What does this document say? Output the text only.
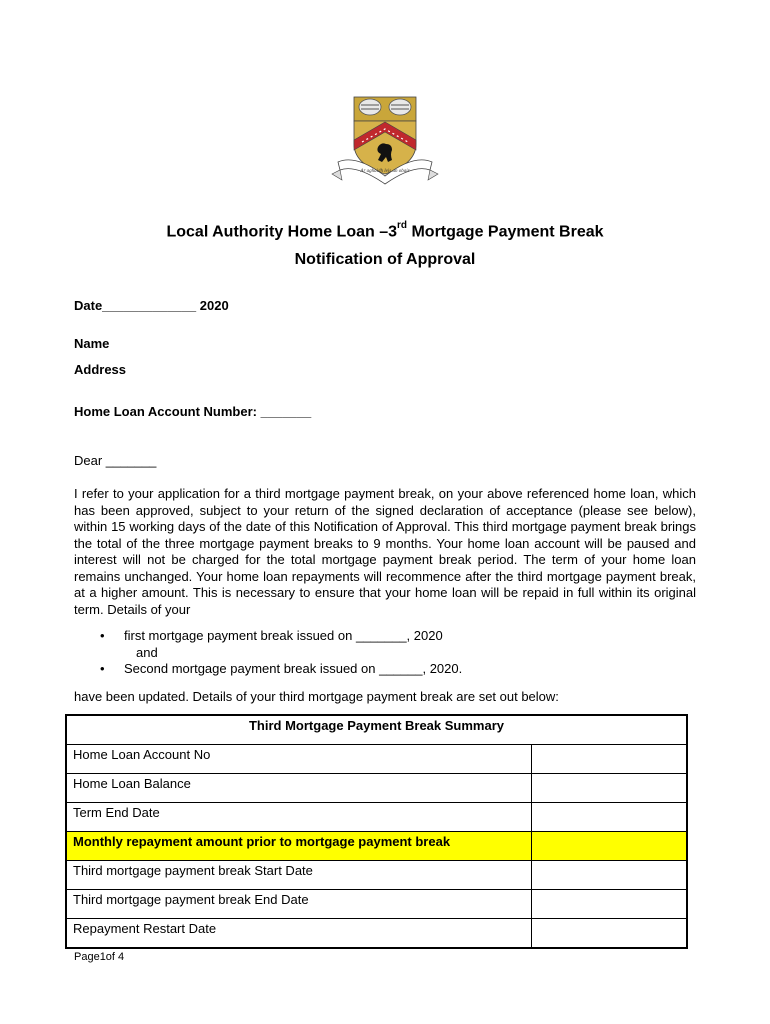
Ar aghaidh leis an obair
Local Authority Home Loan –3rd Mortgage Payment Break
Notification of Approval
Date_____________ 2020
Name
Address
Home Loan Account Number: _______
Dear _______
I refer to your application for a third mortgage payment break, on your above referenced home loan, which has been approved, subject to your return of the signed declaration of acceptance (please see below), within 15 working days of the date of this Notification of Approval. This third mortgage payment break brings the total of the three mortgage payment breaks to 9 months. Your home loan account will be paused and interest will not be charged for the total mortgage payment break period. The term of your home loan remains unchanged. Your home loan repayments will recommence after the third mortgage payment break, at a higher amount. This is necessary to ensure that your home loan will be repaid in full within its original term. Details of your
• first mortgage payment break issued on _______, 2020
and
• Second mortgage payment break issued on ______, 2020.
have been updated. Details of your third mortgage payment break are set out below:
Third Mortgage Payment Break Summary	
Home Loan Account No	
Home Loan Balance	
Term End Date	
Monthly repayment amount prior to mortgage payment break	
Third mortgage payment break Start Date	
Third mortgage payment break End Date	
Repayment Restart Date	
Page1of 4
